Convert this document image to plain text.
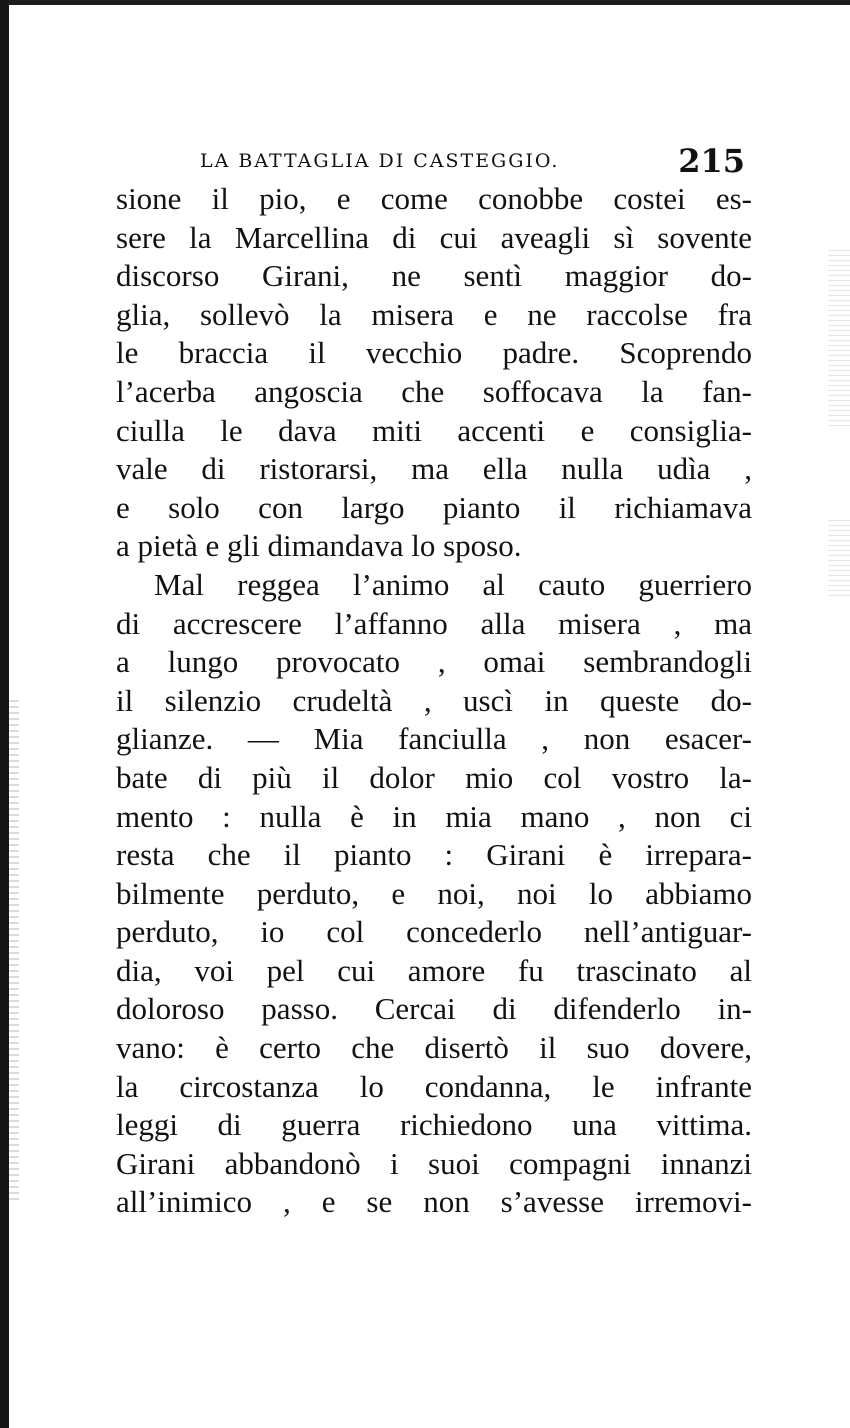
LA BATTAGLIA DI CASTEGGIO.	215
sione il pio, e come conobbe costei es-
sere la Marcellina di cui aveagli sì sovente
discorso Girani, ne sentì maggior do-
glia, sollevò la misera e ne raccolse fra
le braccia il vecchio padre. Scoprendo
l’acerba angoscia che soffocava la fan-
ciulla le dava miti accenti e consiglia-
vale di ristorarsi, ma ella nulla udìa ,
e solo con largo pianto il richiamava
a pietà e gli dimandava lo sposo.
Mal reggea l’animo al cauto guerriero
di accrescere l’affanno alla misera , ma
a lungo provocato , omai sembrandogli
il silenzio crudeltà , uscì in queste do-
glianze. — Mia fanciulla , non esacer-
bate di più il dolor mio col vostro la-
mento : nulla è in mia mano , non ci
resta che il pianto : Girani è irrepara-
bilmente perduto, e noi, noi lo abbiamo
perduto, io col concederlo nell’antiguar-
dia, voi pel cui amore fu trascinato al
doloroso passo. Cercai di difenderlo in-
vano: è certo che disertò il suo dovere,
la circostanza lo condanna, le infrante
leggi di guerra richiedono una vittima.
Girani abbandonò i suoi compagni innanzi
all’inimico , e se non s’avesse irremovi-
